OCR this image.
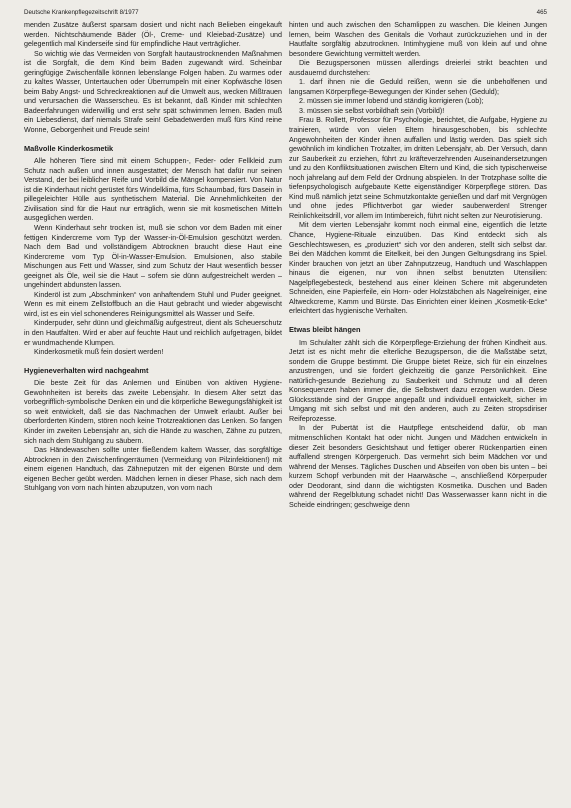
Deutsche Krankenpflegezeitschrift 8/1977	465

menden Zusätze äußerst sparsam dosiert und nicht nach Belieben eingekauft werden. Nichtschäumende Bäder (Öl-, Creme- und Kleiebad-Zusätze) und gelegentlich mal Kinderseife sind für empfindliche Haut verträglicher.

So wichtig wie das Vermeiden von Sorgfalt hautaustrocknenden Maßnahmen ist die Sorgfalt, die dem Kind beim Baden zugewandt wird. Scheinbar geringfügige Zwischenfälle können lebenslange Folgen haben. Zu warmes oder zu kaltes Wasser, Untertauchen oder Überrumpeln mit einer Kopfwäsche lösen beim Baby Angst- und Schreckreaktionen auf die Umwelt aus, wecken Mißtrauen und verursachen die Wasserscheu. Es ist bekannt, daß Kinder mit schlechten Badeerfahrungen widerwillig und erst sehr spät schwimmen lernen. Baden muß ein Liebesdienst, darf niemals Strafe sein! Gebadetwerden muß fürs Kind reine Wonne, Geborgenheit und Freude sein!

Maßvolle Kinderkosmetik

Alle höheren Tiere sind mit einem Schuppen-, Feder- oder Fellkleid zum Schutz nach außen und innen ausgestattet; der Mensch hat dafür nur seinen Verstand, der bei leiblicher Reife und Vorbild die Mängel kompensiert. Von Natur ist die Kinderhaut nicht gerüstet fürs Windelklima, fürs Schaumbad, fürs Dasein in pillegeleichter Hülle aus synthetischem Material. Die Annehmlichkeiten der Zivilisation sind für die Haut nur erträglich, wenn sie mit kosmetischen Mitteln ausgeglichen werden.

Wenn Kinderhaut sehr trocken ist, muß sie schon vor dem Baden mit einer fettigen Kindercreme vom Typ der Wasser-in-Öl-Emulsion geschützt werden. Nach dem Bad und vollständigem Abtrocknen braucht diese Haut eine Kindercreme vom Typ Öl-in-Wasser-Emulsion. Emulsionen, also stabile Mischungen aus Fett und Wasser, sind zum Schutz der Haut wesentlich besser geeignet als Öle, weil sie die Haut – sofern sie dünn aufgestreichelt werden – ungehindert abdunsten lassen.

Kinderöl ist zum „Abschminken“ von anhaftendem Stuhl und Puder geeignet. Wenn es mit einem Zellstoffbuch an die Haut gebracht und wieder abgewischt wird, ist es ein viel schonenderes Reinigungsmittel als Wasser und Seife.

Kinderpuder, sehr dünn und gleichmäßig aufgestreut, dient als Scheuerschutz in den Hautfalten. Wird er aber auf feuchte Haut und reichlich aufgetragen, bildet er wundmachende Klumpen.

Kinderkosmetik muß fein dosiert werden!

Hygieneverhalten wird nachgeahmt

Die beste Zeit für das Anlernen und Einüben von aktiven Hygiene-Gewohnheiten ist bereits das zweite Lebensjahr. In diesem Alter setzt das vorbegrifflich-symbolische Denken ein und die körperliche Bewegungsfähigkeit ist so weit entwickelt, daß sie das Nachmachen der Umwelt erlaubt. Außer bei überforderten Kindern, stören noch keine Trotzreaktionen das Lenken. So fangen Kinder im zweiten Lebensjahr an, sich die Hände zu waschen, Zähne zu putzen, sich nach dem Stuhlgang zu säubern.

Das Händewaschen sollte unter fließendem kaltem Wasser, das sorgfältige Abtrocknen in den Zwischenfingerräumen (Vermeidung von Pilzinfektionen!) mit einem eigenen Handtuch, das Zähneputzen mit der eigenen Bürste und dem eigenen Becher geübt werden. Mädchen lernen in dieser Phase, sich nach dem Stuhlgang von vorn nach hinten abzuputzen, von vorn nach

hinten und auch zwischen den Schamlippen zu waschen. Die kleinen Jungen lernen, beim Waschen des Genitals die Vorhaut zurückzuziehen und in der Hautfalte sorgfältig abzutrocknen. Intimhygiene muß von klein auf und ohne besondere Gewichtung vermittelt werden.

Die Bezugspersonen müssen allerdings dreierlei strikt beachten und ausdauernd durchstehen:

1. darf ihnen nie die Geduld reißen, wenn sie die unbeholfenen und langsamen Körperpflege-Bewegungen der Kinder sehen (Geduld);

2. müssen sie immer lobend und ständig korrigieren (Lob);

3. müssen sie selbst vorbildhaft sein (Vorbild)!

Frau B. Rollett, Professor für Psychologie, berichtet, die Aufgabe, Hygiene zu trainieren, würde von vielen Eltern hinausgeschoben, bis schlechte Angewohnheiten der Kinder ihnen auffallen und lästig werden. Das spielt sich gewöhnlich im kindlichen Trotzalter, im dritten Lebensjahr, ab. Der Versuch, dann zur Sauberkeit zu erziehen, führt zu kräfteverzehrenden Auseinandersetzungen und zu den Konfliktsituationen zwischen Eltern und Kind, die sich typischerweise noch jahrelang auf dem Feld der Ordnung abspielen. In der Trotzphase sollte die tiefenpsychologisch aufgebaute Kette eigenständiger Körperpflege stören. Das Kind muß nämlich jetzt seine Schmutzkontakte genießen und darf mit Vergnügen und ohne jedes Pflichtverbot gar wieder sauberwerden! Strenger Reinlichkeitsdrill, vor allem im Intimbereich, führt nicht selten zur Neurotisierung.

Mit dem vierten Lebensjahr kommt noch einmal eine, eigentlich die letzte Chance, Hygiene-Rituale einzuüben. Das Kind entdeckt sich als Geschlechtswesen, es „produziert“ sich vor den anderen, stellt sich selbst dar. Bei den Mädchen kommt die Eitelkeit, bei den Jungen Geltungsdrang ins Spiel. Kinder brauchen von jetzt an über Zahnputzzeug, Handtuch und Waschlappen hinaus die eigenen, nur von ihnen selbst benutzten Utensilien: Nagelpflegebesteck, bestehend aus einer kleinen Schere mit abgerundeten Schneiden, eine Papierfeile, ein Horn- oder Holzstäbchen als Nagelreiniger, eine Altweckcreme, Kamm und Bürste. Das Einrichten einer kleinen „Kosmetik-Ecke“ erleichtert das hygienische Verhalten.

Etwas bleibt hängen

Im Schulalter zählt sich die Körperpflege-Erziehung der frühen Kindheit aus. Jetzt ist es nicht mehr die elterliche Bezugsperson, die die Maßstäbe setzt, sondern die Gruppe bestimmt. Die Gruppe bietet Reize, sich für ein einzelnes anzustrengen, und sie fordert gleichzeitig die ganze Persönlichkeit. Eine natürlich-gesunde Beziehung zu Sauberkeit und Schmutz und all deren Konsequenzen haben immer die, die Selbstwert dazu erzogen wurden. Diese Glücksstände sind der Gruppe angepaßt und individuell entwickelt, sicher im Umgang mit sich selbst und mit den anderen, auch zu Zeiten stropsdiriser Reifeprozesse.

In der Pubertät ist die Hautpflege entscheidend dafür, ob man mitmenschlichen Kontakt hat oder nicht. Jungen und Mädchen entwickeln in dieser Zeit besonders Gesichtshaut und fettiger oberer Rückenpartien einen auffallend strengen Körpergeruch. Das vermehrt sich beim Mädchen vor und während der Menses. Tägliches Duschen und Abseifen von oben bis unten – bei kurzem Schopf verbunden mit der Haarwäsche –, anschließend Körperpuder oder Deodorant, sind dann die wichtigsten Kosmetika. Duschen und Baden während der Regelblutung schadet nicht! Das Wasserwasser kann nicht in die Scheide eindringen; geschweige denn
